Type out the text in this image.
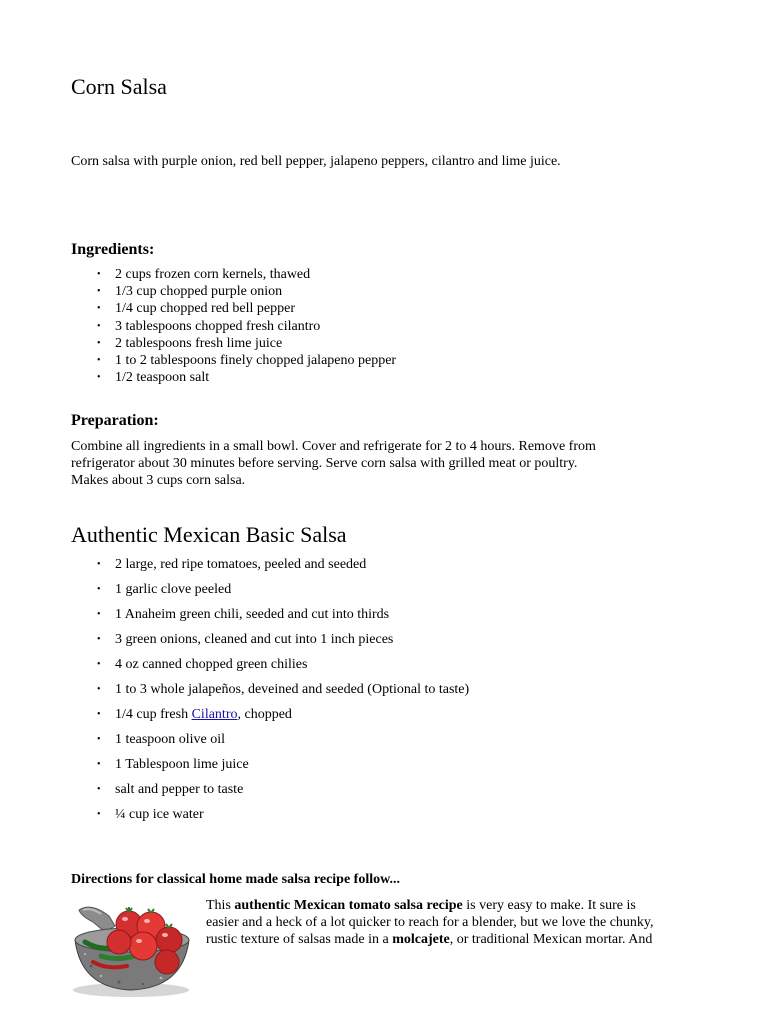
Corn Salsa
Corn salsa with purple onion, red bell pepper, jalapeno peppers, cilantro and lime juice.
Ingredients:
• 2 cups frozen corn kernels, thawed
• 1/3 cup chopped purple onion
• 1/4 cup chopped red bell pepper
• 3 tablespoons chopped fresh cilantro
• 2 tablespoons fresh lime juice
• 1 to 2 tablespoons finely chopped jalapeno pepper
• 1/2 teaspoon salt
Preparation:
Combine all ingredients in a small bowl. Cover and refrigerate for 2 to 4 hours. Remove from
refrigerator about 30 minutes before serving. Serve corn salsa with grilled meat or poultry.
Makes about 3 cups corn salsa.
Authentic Mexican Basic Salsa
• 2 large, red ripe tomatoes, peeled and seeded
• 1 garlic clove peeled
• 1 Anaheim green chili, seeded and cut into thirds
• 3 green onions, cleaned and cut into 1 inch pieces
• 4 oz canned chopped green chilies
• 1 to 3 whole jalapeños, deveined and seeded (Optional to taste)
• 1/4 cup fresh Cilantro, chopped
• 1 teaspoon olive oil
• 1 Tablespoon lime juice
• salt and pepper to taste
• ¼ cup ice water
Directions for classical home made salsa recipe follow...
This authentic Mexican tomato salsa recipe is very easy to make. It sure is
easier and a heck of a lot quicker to reach for a blender, but we love the chunky,
rustic texture of salsas made in a molcajete, or traditional Mexican mortar. And
